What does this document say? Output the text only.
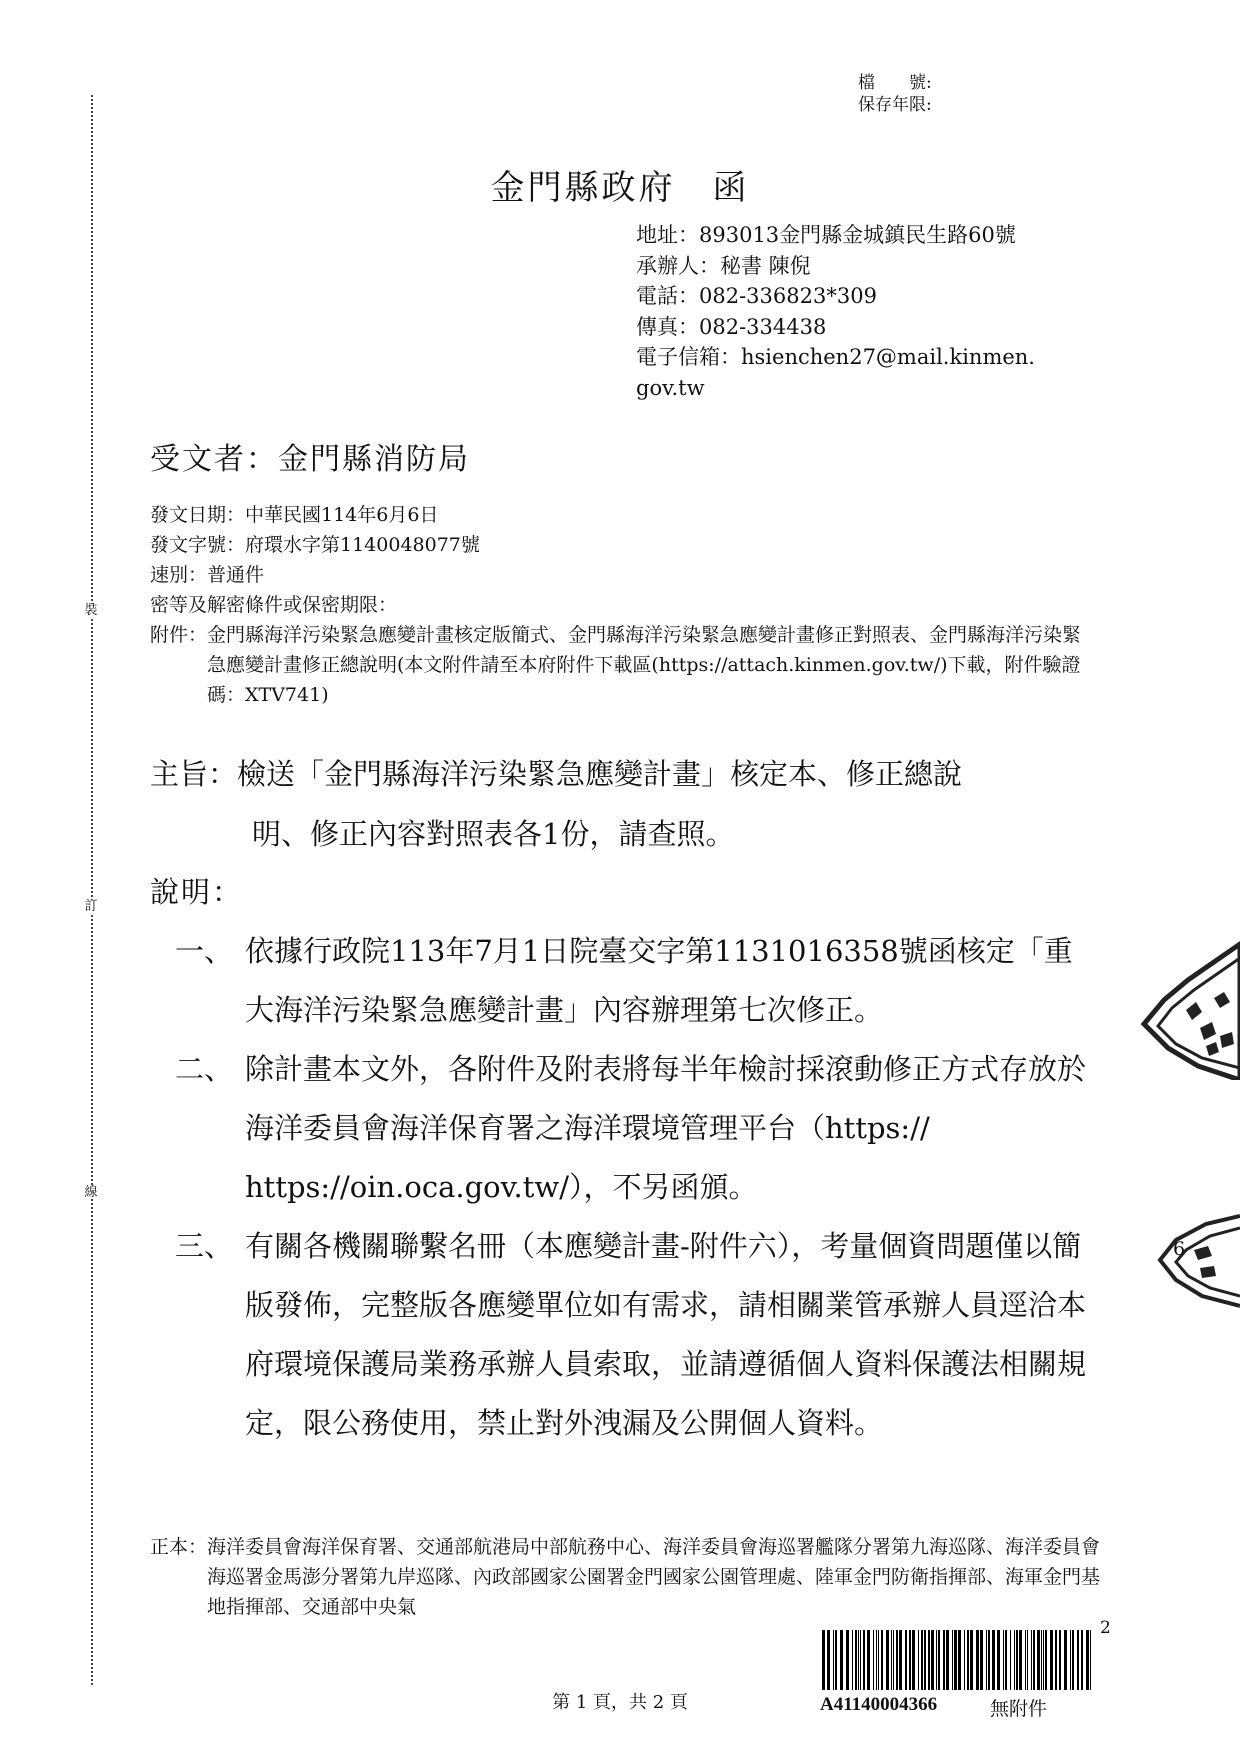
裝
訂
線
檔　　號:
保存年限:
金門縣政府　函
地址：893013金門縣金城鎮民生路60號
承辦人：秘書 陳倪
電話：082-336823*309
傳真：082-334438
電子信箱：hsienchen27@mail.kinmen.
gov.tw
受文者：金門縣消防局
發文日期：中華民國114年6月6日
發文字號：府環水字第1140048077號
速別：普通件
密等及解密條件或保密期限：
附件： 金門縣海洋污染緊急應變計畫核定版簡式、金門縣海洋污染緊急應變計畫修正對照表、金門縣海洋污染緊急應變計畫修正總說明(本文附件請至本府附件下載區(https://attach.kinmen.gov.tw/)下載，附件驗證碼：XTV741)
主旨：檢送「金門縣海洋污染緊急應變計畫」核定本、修正總說
明、修正內容對照表各1份，請查照。
說明：
一、 依據行政院113年7月1日院臺交字第1131016358號函核定「重大海洋污染緊急應變計畫」內容辦理第七次修正。
二、 除計畫本文外，各附件及附表將每半年檢討採滾動修正方式存放於海洋委員會海洋保育署之海洋環境管理平台（https:// https://oin.oca.gov.tw/），不另函頒。
三、 有關各機關聯繫名冊（本應變計畫-附件六），考量個資問題僅以簡版發佈，完整版各應變單位如有需求，請相關業管承辦人員逕洽本府環境保護局業務承辦人員索取，並請遵循個人資料保護法相關規定，限公務使用，禁止對外洩漏及公開個人資料。
正本： 海洋委員會海洋保育署、交通部航港局中部航務中心、海洋委員會海巡署艦隊分署第九海巡隊、海洋委員會海巡署金馬澎分署第九岸巡隊、內政部國家公園署金門國家公園管理處、陸軍金門防衛指揮部、海軍金門基地指揮部、交通部中央氣
6
2
A41140004366	無附件
第 1 頁，共 2 頁
